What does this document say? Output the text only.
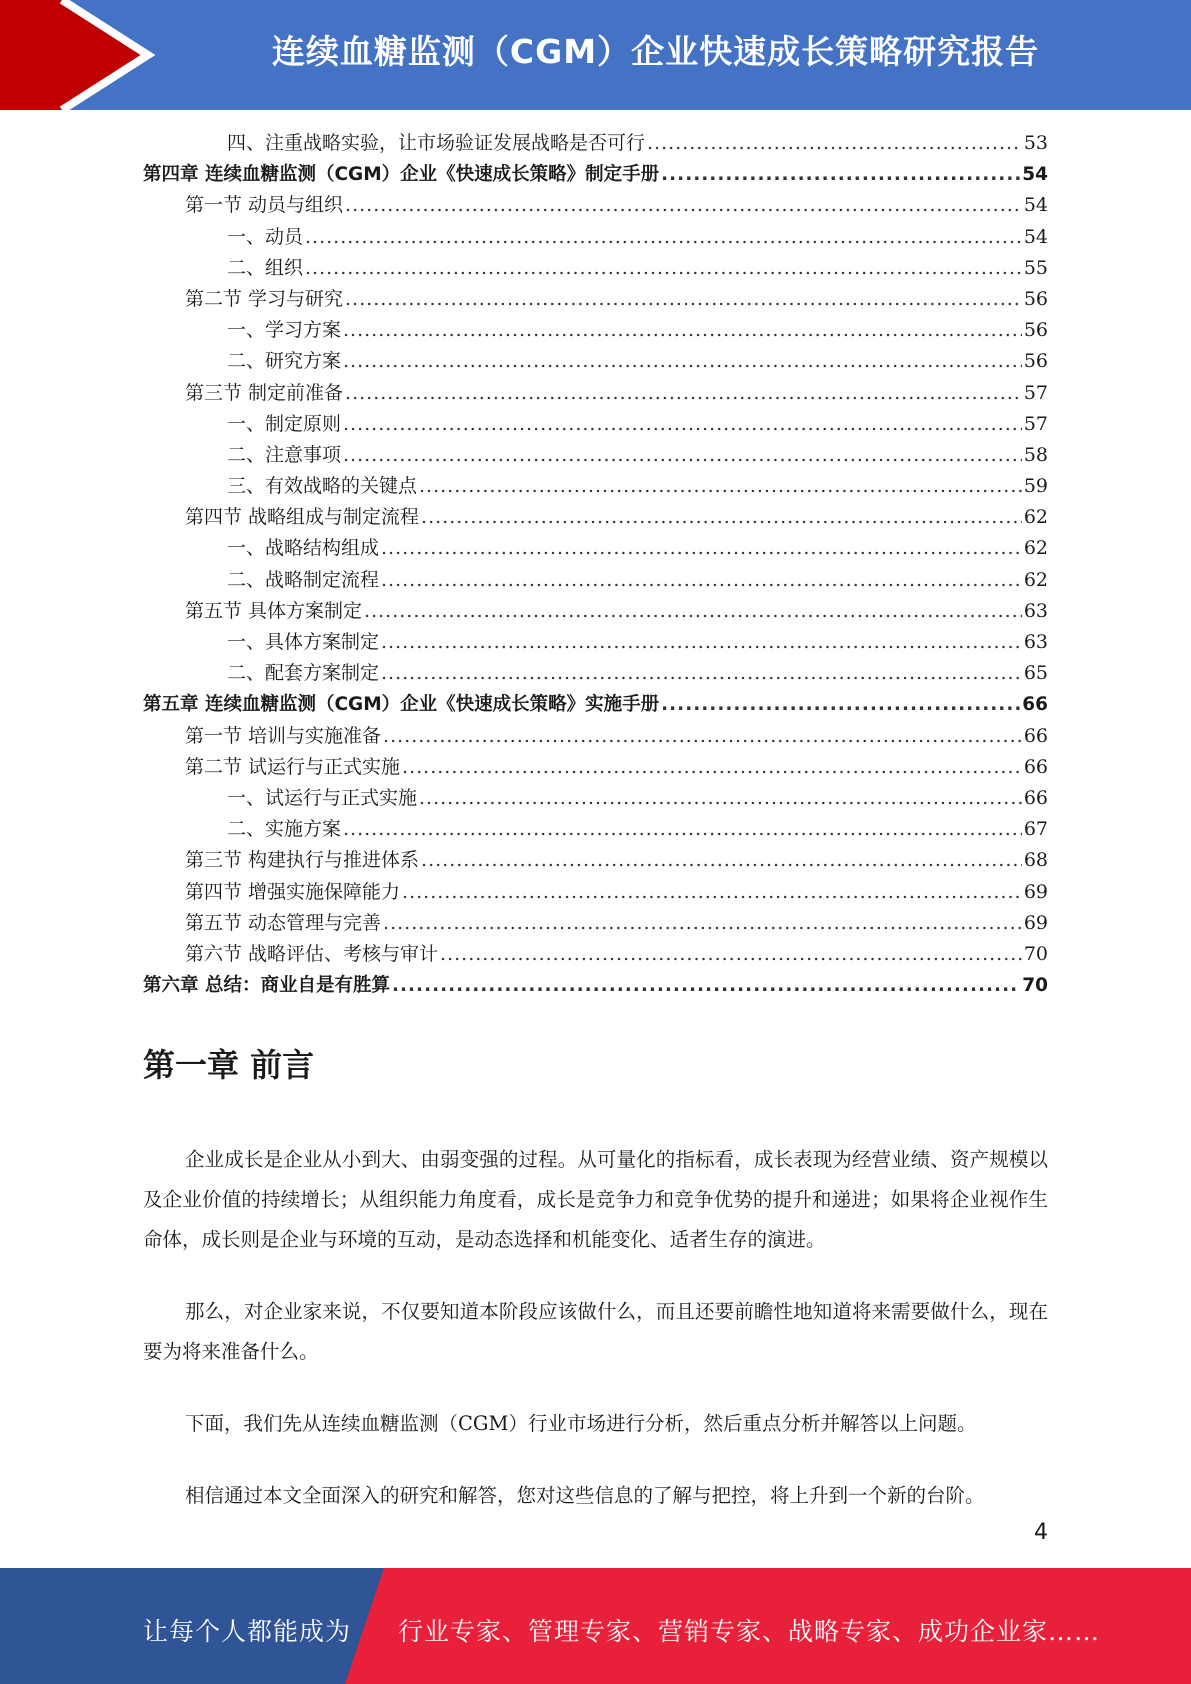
连续血糖监测（CGM）企业快速成长策略研究报告
四、注重战略实验，让市场验证发展战略是否可行 .....	53
第四章 连续血糖监测（CGM）企业《快速成长策略》制定手册 .....	54
第一节 动员与组织 .....	54
一、动员 .....	54
二、组织 .....	55
第二节 学习与研究 .....	56
一、学习方案 .....	56
二、研究方案 .....	56
第三节 制定前准备 .....	57
一、制定原则 .....	57
二、注意事项 .....	58
三、有效战略的关键点 .....	59
第四节 战略组成与制定流程 .....	62
一、战略结构组成 .....	62
二、战略制定流程 .....	62
第五节 具体方案制定 .....	63
一、具体方案制定 .....	63
二、配套方案制定 .....	65
第五章 连续血糖监测（CGM）企业《快速成长策略》实施手册 .....	66
第一节 培训与实施准备 .....	66
第二节 试运行与正式实施 .....	66
一、试运行与正式实施 .....	66
二、实施方案 .....	67
第三节 构建执行与推进体系 .....	68
第四节 增强实施保障能力 .....	69
第五节 动态管理与完善 .....	69
第六节 战略评估、考核与审计 .....	70
第六章 总结：商业自是有胜算 .....	70
第一章 前言

企业成长是企业从小到大、由弱变强的过程。从可量化的指标看，成长表现为经营业绩、资产规模以及企业价值的持续增长；从组织能力角度看，成长是竞争力和竞争优势的提升和递进；如果将企业视作生命体，成长则是企业与环境的互动，是动态选择和机能变化、适者生存的演进。

那么，对企业家来说，不仅要知道本阶段应该做什么，而且还要前瞻性地知道将来需要做什么，现在要为将来准备什么。

下面，我们先从连续血糖监测（CGM）行业市场进行分析，然后重点分析并解答以上问题。

相信通过本文全面深入的研究和解答，您对这些信息的了解与把控，将上升到一个新的台阶。

4
让每个人都能成为 行业专家、管理专家、营销专家、战略专家、成功企业家……
